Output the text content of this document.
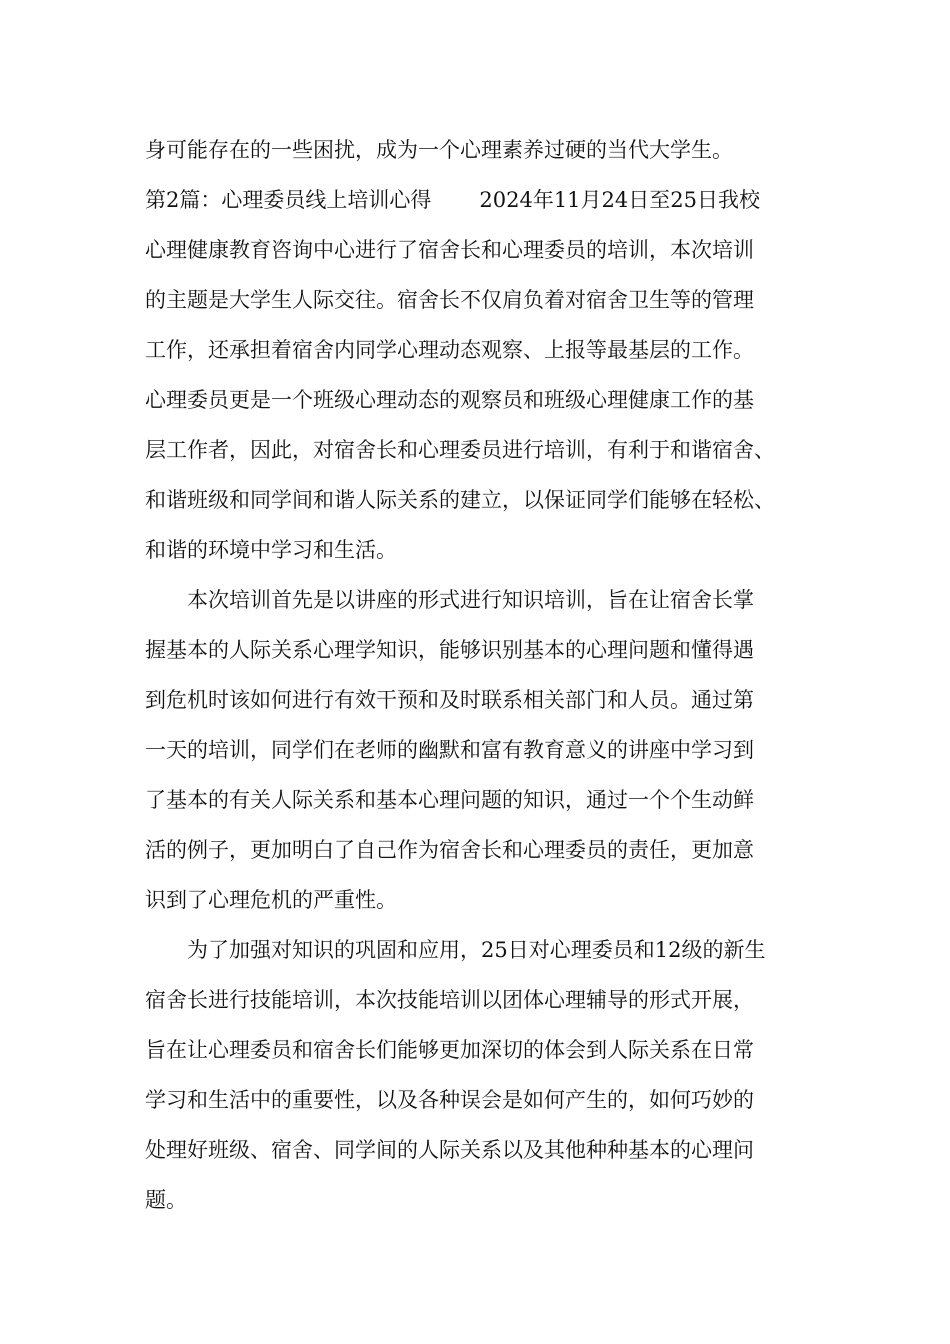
身可能存在的一些困扰，成为一个心理素养过硬的当代大学生。
第2篇：心理委员线上培训心得 2024年11月24日至25日我校
心理健康教育咨询中心进行了宿舍长和心理委员的培训，本次培训
的主题是大学生人际交往。宿舍长不仅肩负着对宿舍卫生等的管理
工作，还承担着宿舍内同学心理动态观察、上报等最基层的工作。
心理委员更是一个班级心理动态的观察员和班级心理健康工作的基
层工作者，因此，对宿舍长和心理委员进行培训，有利于和谐宿舍、
和谐班级和同学间和谐人际关系的建立，以保证同学们能够在轻松、
和谐的环境中学习和生活。
本次培训首先是以讲座的形式进行知识培训，旨在让宿舍长掌
握基本的人际关系心理学知识，能够识别基本的心理问题和懂得遇
到危机时该如何进行有效干预和及时联系相关部门和人员。通过第
一天的培训，同学们在老师的幽默和富有教育意义的讲座中学习到
了基本的有关人际关系和基本心理问题的知识，通过一个个生动鲜
活的例子，更加明白了自己作为宿舍长和心理委员的责任，更加意
识到了心理危机的严重性。
为了加强对知识的巩固和应用，25日对心理委员和12级的新生
宿舍长进行技能培训，本次技能培训以团体心理辅导的形式开展，
旨在让心理委员和宿舍长们能够更加深切的体会到人际关系在日常
学习和生活中的重要性，以及各种误会是如何产生的，如何巧妙的
处理好班级、宿舍、同学间的人际关系以及其他种种基本的心理问
题。
